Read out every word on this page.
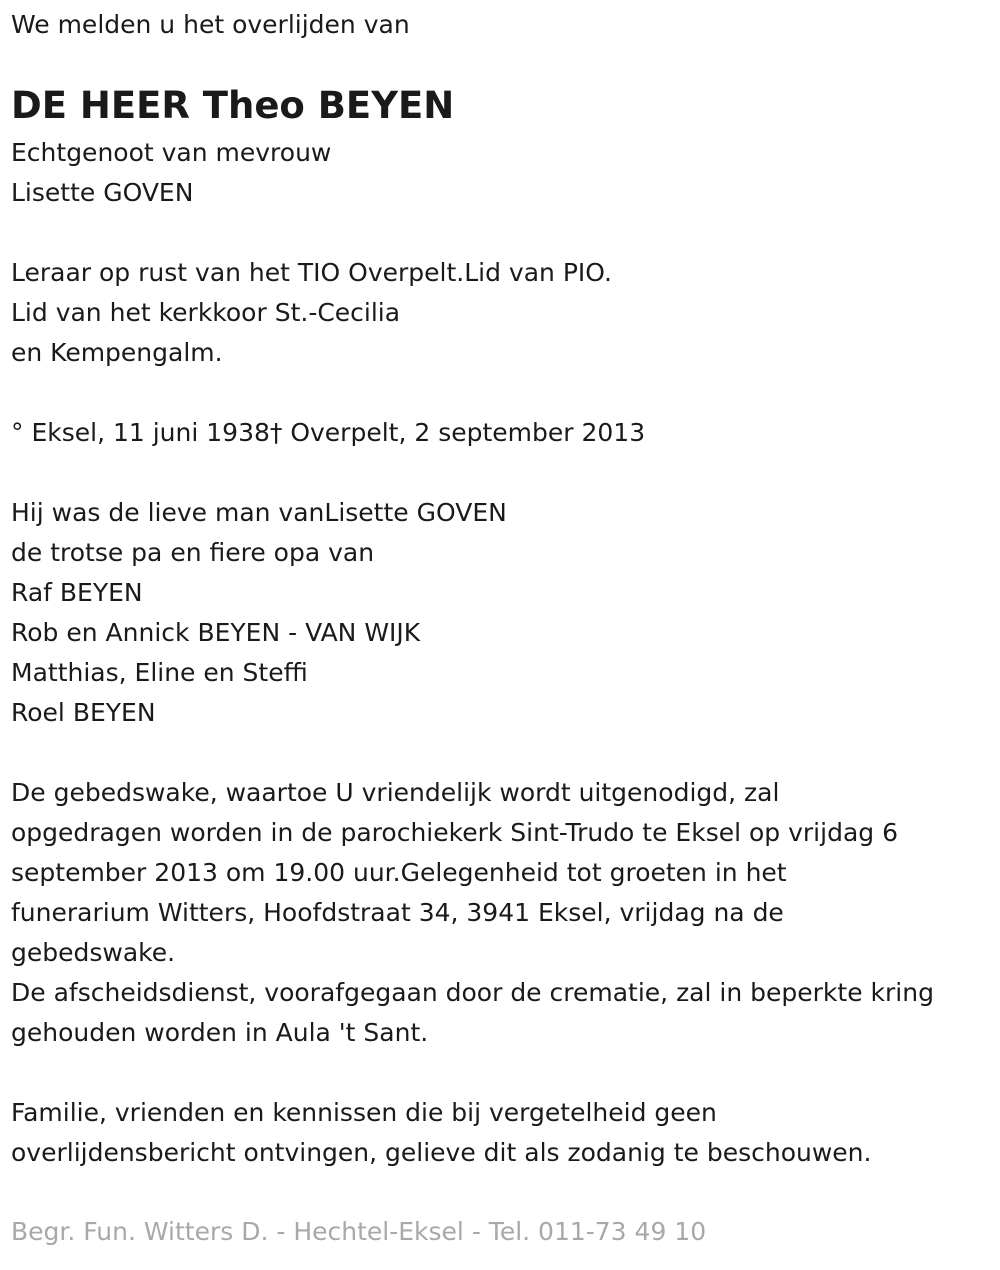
We melden u het overlijden van
DE HEER Theo BEYEN
Echtgenoot van mevrouw
Lisette GOVEN
Leraar op rust van het TIO Overpelt.Lid van PIO.
Lid van het kerkkoor St.-Cecilia
en Kempengalm.
° Eksel, 11 juni 1938† Overpelt, 2 september 2013
Hij was de lieve man vanLisette GOVEN
de trotse pa en fiere opa van
Raf BEYEN
Rob en Annick BEYEN - VAN WIJK
Matthias, Eline en Steffi
Roel BEYEN
De gebedswake, waartoe U vriendelijk wordt uitgenodigd, zal
opgedragen worden in de parochiekerk Sint-Trudo te Eksel op vrijdag 6
september 2013 om 19.00 uur.Gelegenheid tot groeten in het
funerarium Witters, Hoofdstraat 34, 3941 Eksel, vrijdag na de
gebedswake.
De afscheidsdienst, voorafgegaan door de crematie, zal in beperkte kring
gehouden worden in Aula 't Sant.
Familie, vrienden en kennissen die bij vergetelheid geen
overlijdensbericht ontvingen, gelieve dit als zodanig te beschouwen.
Begr. Fun. Witters D. - Hechtel-Eksel - Tel. 011-73 49 10
